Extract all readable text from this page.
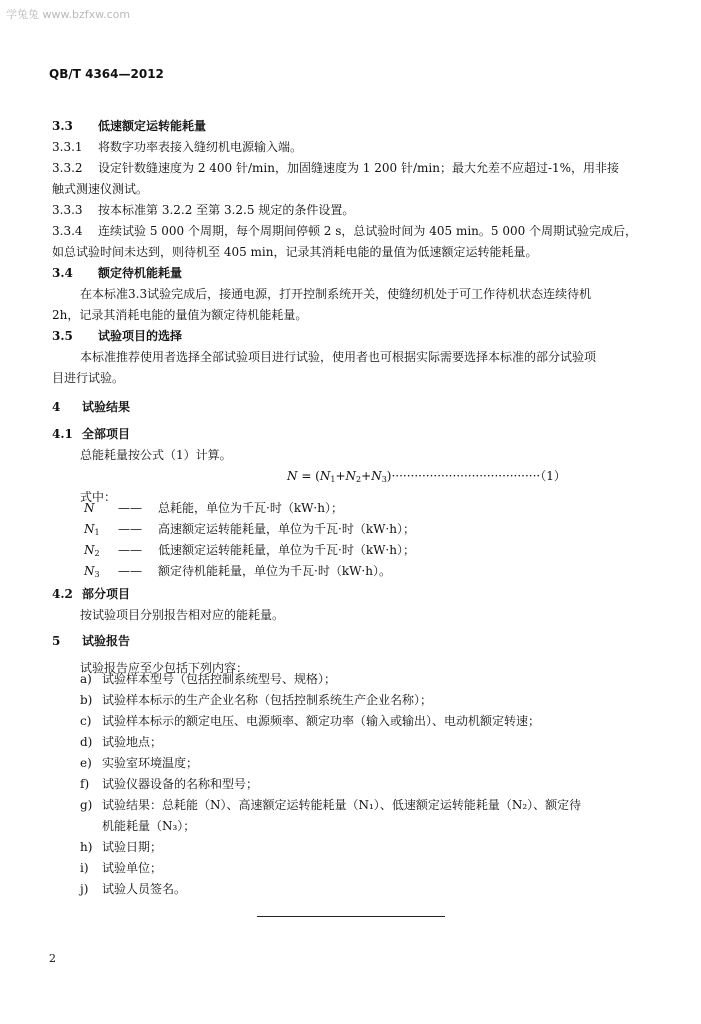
学兔兔 www.bzfxw.com
QB/T 4364—2012
3.3 低速额定运转能耗量
3.3.1 将数字功率表接入缝纫机电源输入端。
3.3.2 设定针数缝速度为 2 400 针/min，加固缝速度为 1 200 针/min；最大允差不应超过-1%，用非接
触式测速仪测试。
3.3.3 按本标准第 3.2.2 至第 3.2.5 规定的条件设置。
3.3.4 连续试验 5 000 个周期，每个周期间停顿 2 s，总试验时间为 405 min。5 000 个周期试验完成后，
如总试验时间未达到，则待机至 405 min，记录其消耗电能的量值为低速额定运转能耗量。
3.4 额定待机能耗量
在本标准3.3试验完成后，接通电源，打开控制系统开关，使缝纫机处于可工作待机状态连续待机
2h，记录其消耗电能的量值为额定待机能耗量。
3.5 试验项目的选择
本标准推荐使用者选择全部试验项目进行试验，使用者也可根据实际需要选择本标准的部分试验项
目进行试验。
4 试验结果
4.1 全部项目
总能耗量按公式（1）计算。
$N = (N_1+N_2+N_3)\cdot\cdot\cdot\cdot\cdot\cdot\cdot\cdot\cdot\cdot\cdot\cdot\cdot\cdot\cdot\cdot\cdot\cdot\cdot\cdot\cdot\cdot\cdot\cdot\cdot\cdot\cdot\cdot\cdot\cdot\cdot\cdot\cdot\cdot\cdot\cdot\cdot\cdot\cdot(1)$
式中：
N —— 总耗能，单位为千瓦·时（kW·h）；
$N_1$ —— 高速额定运转能耗量，单位为千瓦·时（kW·h）；
$N_2$ —— 低速额定运转能耗量，单位为千瓦·时（kW·h）；
$N_3$ —— 额定待机能耗量，单位为千瓦·时（kW·h）。
4.2 部分项目
按试验项目分别报告相对应的能耗量。
5 试验报告
试验报告应至少包括下列内容：
a) 试验样本型号（包括控制系统型号、规格）；
b) 试验样本标示的生产企业名称（包括控制系统生产企业名称）；
c) 试验样本标示的额定电压、电源频率、额定功率（输入或输出）、电动机额定转速；
d) 试验地点；
e) 实验室环境温度；
f) 试验仪器设备的名称和型号；
g) 试验结果：总耗能（N）、高速额定运转能耗量（N₁）、低速额定运转能耗量（N₂）、额定待
机能耗量（N₃）；
h) 试验日期；
i) 试验单位；
j) 试验人员签名。
2
